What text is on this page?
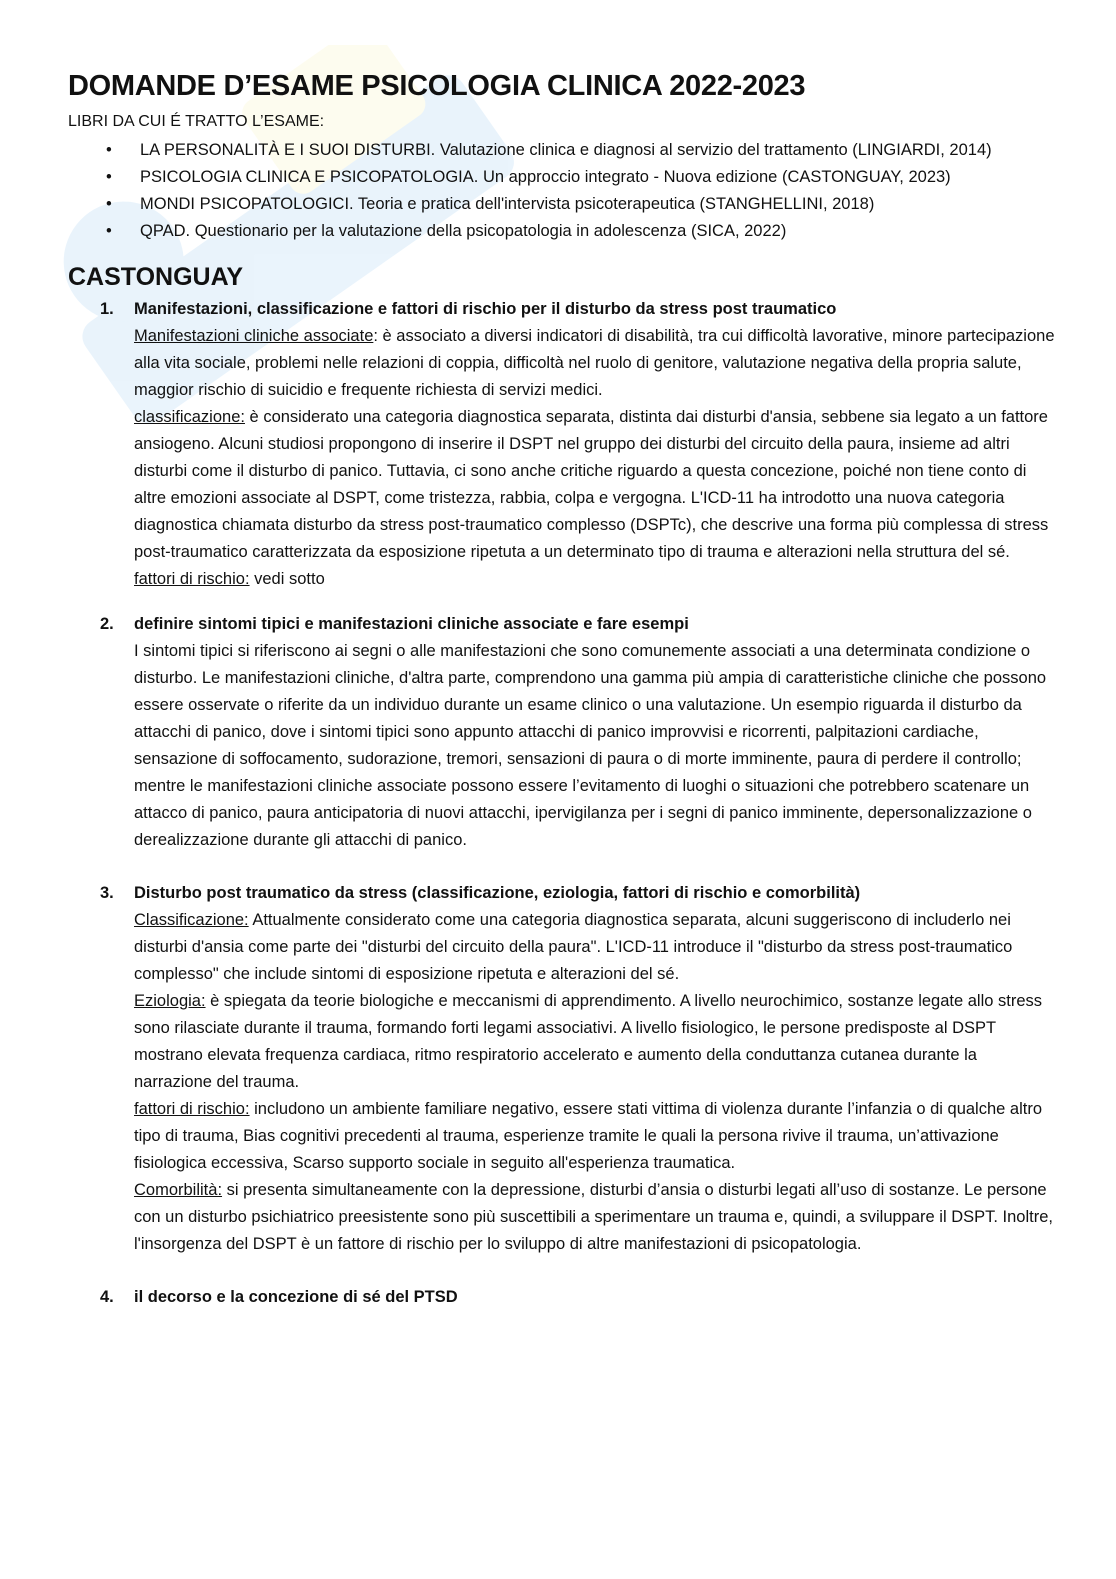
DOMANDE D’ESAME PSICOLOGIA CLINICA 2022-2023
LIBRI DA CUI É TRATTO L’ESAME:
• LA PERSONALITÀ E I SUOI DISTURBI. Valutazione clinica e diagnosi al servizio del trattamento (LINGIARDI, 2014)
• PSICOLOGIA CLINICA E PSICOPATOLOGIA. Un approccio integrato - Nuova edizione (CASTONGUAY, 2023)
• MONDI PSICOPATOLOGICI. Teoria e pratica dell'intervista psicoterapeutica (STANGHELLINI, 2018)
• QPAD. Questionario per la valutazione della psicopatologia in adolescenza (SICA, 2022)
CASTONGUAY
1. Manifestazioni, classificazione e fattori di rischio per il disturbo da stress post traumatico
Manifestazioni cliniche associate: è associato a diversi indicatori di disabilità, tra cui difficoltà lavorative, minore partecipazione alla vita sociale, problemi nelle relazioni di coppia, difficoltà nel ruolo di genitore, valutazione negativa della propria salute, maggior rischio di suicidio e frequente richiesta di servizi medici.
classificazione: è considerato una categoria diagnostica separata, distinta dai disturbi d'ansia, sebbene sia legato a un fattore ansiogeno. Alcuni studiosi propongono di inserire il DSPT nel gruppo dei disturbi del circuito della paura, insieme ad altri disturbi come il disturbo di panico. Tuttavia, ci sono anche critiche riguardo a questa concezione, poiché non tiene conto di altre emozioni associate al DSPT, come tristezza, rabbia, colpa e vergogna. L'ICD-11 ha introdotto una nuova categoria diagnostica chiamata disturbo da stress post-traumatico complesso (DSPTc), che descrive una forma più complessa di stress post-traumatico caratterizzata da esposizione ripetuta a un determinato tipo di trauma e alterazioni nella struttura del sé.
fattori di rischio: vedi sotto
2. definire sintomi tipici e manifestazioni cliniche associate e fare esempi
I sintomi tipici si riferiscono ai segni o alle manifestazioni che sono comunemente associati a una determinata condizione o disturbo. Le manifestazioni cliniche, d'altra parte, comprendono una gamma più ampia di caratteristiche cliniche che possono essere osservate o riferite da un individuo durante un esame clinico o una valutazione. Un esempio riguarda il disturbo da attacchi di panico, dove i sintomi tipici sono appunto attacchi di panico improvvisi e ricorrenti, palpitazioni cardiache, sensazione di soffocamento, sudorazione, tremori, sensazioni di paura o di morte imminente, paura di perdere il controllo; mentre le manifestazioni cliniche associate possono essere l’evitamento di luoghi o situazioni che potrebbero scatenare un attacco di panico, paura anticipatoria di nuovi attacchi, ipervigilanza per i segni di panico imminente, depersonalizzazione o derealizzazione durante gli attacchi di panico.
3. Disturbo post traumatico da stress (classificazione, eziologia, fattori di rischio e comorbilità)
Classificazione: Attualmente considerato come una categoria diagnostica separata, alcuni suggeriscono di includerlo nei disturbi d'ansia come parte dei "disturbi del circuito della paura". L'ICD-11 introduce il "disturbo da stress post-traumatico complesso" che include sintomi di esposizione ripetuta e alterazioni del sé.
Eziologia: è spiegata da teorie biologiche e meccanismi di apprendimento. A livello neurochimico, sostanze legate allo stress sono rilasciate durante il trauma, formando forti legami associativi. A livello fisiologico, le persone predisposte al DSPT mostrano elevata frequenza cardiaca, ritmo respiratorio accelerato e aumento della conduttanza cutanea durante la narrazione del trauma.
fattori di rischio: includono un ambiente familiare negativo, essere stati vittima di violenza durante l’infanzia o di qualche altro tipo di trauma, Bias cognitivi precedenti al trauma, esperienze tramite le quali la persona rivive il trauma, un’attivazione fisiologica eccessiva, Scarso supporto sociale in seguito all'esperienza traumatica.
Comorbilità: si presenta simultaneamente con la depressione, disturbi d’ansia o disturbi legati all’uso di sostanze. Le persone con un disturbo psichiatrico preesistente sono più suscettibili a sperimentare un trauma e, quindi, a sviluppare il DSPT. Inoltre, l'insorgenza del DSPT è un fattore di rischio per lo sviluppo di altre manifestazioni di psicopatologia.
4. il decorso e la concezione di sé del PTSD
